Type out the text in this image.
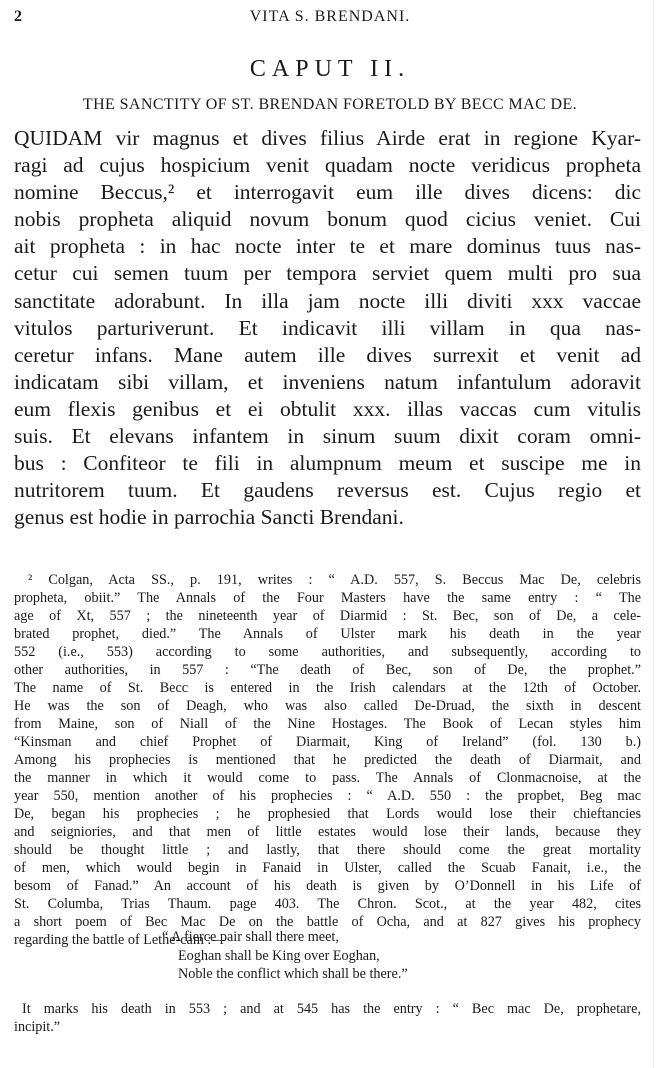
2	VITA S. BRENDANI.
CAPUT II.
THE SANCTITY OF ST. BRENDAN FORETOLD BY BECC MAC DE.
QUIDAM vir magnus et dives filius Airde erat in regione Kyar-
ragi ad cujus hospicium venit quadam nocte veridicus propheta
nomine Beccus,² et interrogavit eum ille dives dicens: dic
nobis propheta aliquid novum bonum quod cicius veniet. Cui
ait propheta : in hac nocte inter te et mare dominus tuus nas-
cetur cui semen tuum per tempora serviet quem multi pro sua
sanctitate adorabunt. In illa jam nocte illi diviti xxx vaccae
vitulos parturiverunt. Et indicavit illi villam in qua nas-
ceretur infans. Mane autem ille dives surrexit et venit ad
indicatam sibi villam, et inveniens natum infantulum adoravit
eum flexis genibus et ei obtulit xxx. illas vaccas cum vitulis
suis. Et elevans infantem in sinum suum dixit coram omni-
bus : Confiteor te fili in alumpnum meum et suscipe me in
nutritorem tuum. Et gaudens reversus est. Cujus regio et
genus est hodie in parrochia Sancti Brendani.
² Colgan, Acta SS., p. 191, writes : “ A.D. 557, S. Beccus Mac De, celebris
propheta, obiit.” The Annals of the Four Masters have the same entry : “ The
age of Xt, 557 ; the nineteenth year of Diarmid : St. Bec, son of De, a cele-
brated prophet, died.” The Annals of Ulster mark his death in the year
552 (i.e., 553) according to some authorities, and subsequently, according to
other authorities, in 557 : “The death of Bec, son of De, the prophet.”
The name of St. Becc is entered in the Irish calendars at the 12th of October.
He was the son of Deagh, who was also called De-Druad, the sixth in descent
from Maine, son of Niall of the Nine Hostages. The Book of Lecan styles him
“Kinsman and chief Prophet of Diarmait, King of Ireland” (fol. 130 b.)
Among his prophecies is mentioned that he predicted the death of Diarmait, and
the manner in which it would come to pass. The Annals of Clonmacnoise, at the
year 550, mention another of his prophecies : “ A.D. 550 : the propbet, Beg mac
De, began his prophecies ; he prophesied that Lords would lose their chieftancies
and seigniories, and that men of little estates would lose their lands, because they
should be thought little ; and lastly, that there should come the great mortality
of men, which would begin in Fanaid in Ulster, called the Scuab Fanait, i.e., the
besom of Fanad.” An account of his death is given by O’Donnell in his Life of
St. Columba, Trias Thaum. page 403. The Chron. Scot., at the year 482, cites
a short poem of Bec Mac De on the battle of Ocha, and at 827 gives his prophecy
regarding the battle of Lethe-cam :—
“ A fierce pair shall there meet,
Eoghan shall be King over Eoghan,
Noble the conflict which shall be there.”
It marks his death in 553 ; and at 545 has the entry : “ Bec mac De, prophetare,
incipit.”
